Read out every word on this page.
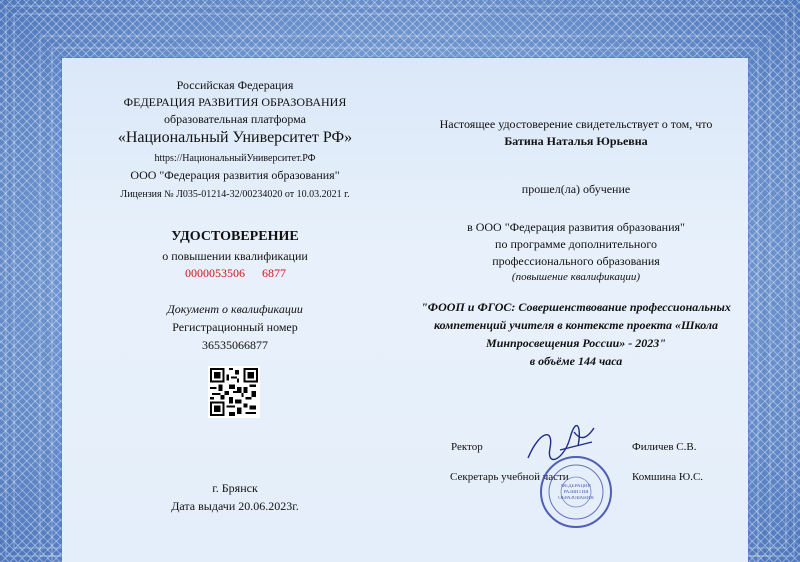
Российская Федерация
ФЕДЕРАЦИЯ РАЗВИТИЯ ОБРАЗОВАНИЯ
образовательная платформа
«Национальный Университет РФ»
https://НациональныйУниверситет.РФ
ООО "Федерация развития образования"
Лицензия № Л035-01214-32/00234020 от 10.03.2021 г.
УДОСТОВЕРЕНИЕ
о повышении квалификации
0000053506 6877
Документ о квалификации
Регистрационный номер
36535066877
г. Брянск
Дата выдачи 20.06.2023г.
Настоящее удостоверение свидетельствует о том, что
Батина Наталья Юрьевна
прошел(ла) обучение
в ООО "Федерация развития образования"
по программе дополнительного
профессионального образования
(повышение квалификации)
"ФООП и ФГОС: Совершенствование профессиональных
компетенций учителя в контексте проекта «Школа
Минпросвещения России» - 2023"
в объёме 144 часа
Ректор	Филичев С.В.
Секретарь учебной части	Комшина Ю.С.
ФЕДЕРАЦИЯ
РАЗВИТИЯ
ОБРАЗОВАНИЯ
